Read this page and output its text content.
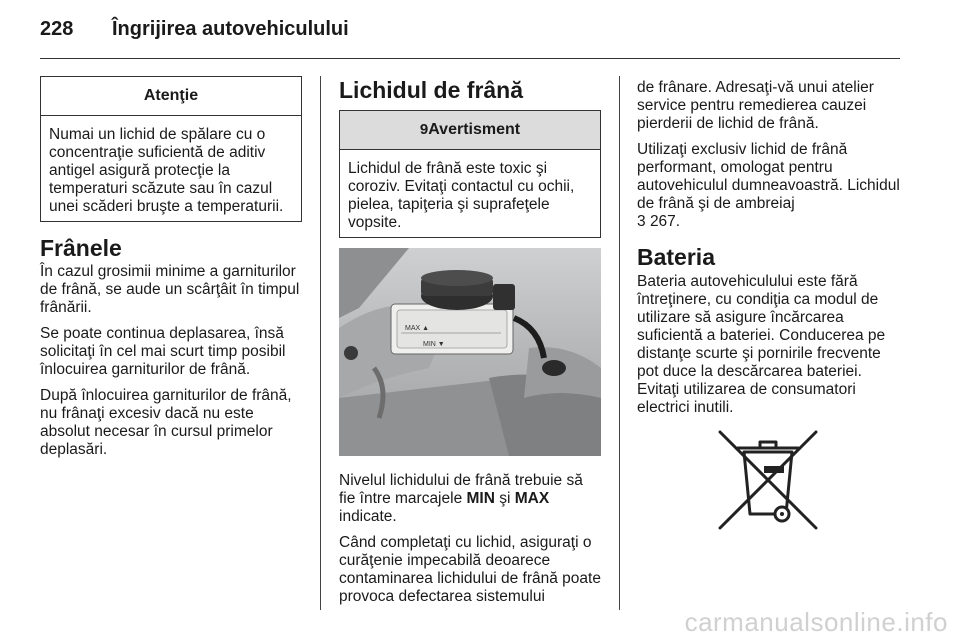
228	Îngrijirea autovehiculului
Atenţie
Numai un lichid de spălare cu o concentraţie suficientă de aditiv antigel asigură protecţie la temperaturi scăzute sau în cazul unei scăderi bruşte a temperaturii.
Frânele

În cazul grosimii minime a garniturilor de frână, se aude un scârţâit în timpul frânării.

Se poate continua deplasarea, însă solicitaţi în cel mai scurt timp posibil înlocuirea garniturilor de frână.

După înlocuirea garniturilor de frână, nu frânaţi excesiv dacă nu este absolut necesar în cursul primelor deplasări.

Lichidul de frână
9Avertisment
Lichidul de frână este toxic şi coroziv. Evitaţi contactul cu ochii, pielea, tapiţeria şi suprafeţele vopsite.
MAX ▲
MIN ▼

Nivelul lichidului de frână trebuie să fie între marcajele MIN şi MAX indicate.

Când completaţi cu lichid, asiguraţi o curăţenie impecabilă deoarece contaminarea lichidului de frână poate provoca defectarea sistemului

de frânare. Adresaţi-vă unui atelier service pentru remedierea cauzei pierderii de lichid de frână.

Utilizaţi exclusiv lichid de frână performant, omologat pentru autovehiculul dumneavoastră. Lichidul de frână şi de ambreiaj
3 267.

Bateria

Bateria autovehiculului este fără întreţinere, cu condiţia ca modul de utilizare să asigure încărcarea suficientă a bateriei. Conducerea pe distanţe scurte şi pornirile frecvente pot duce la descărcarea bateriei. Evitaţi utilizarea de consumatori electrici inutili.

carmanualsonline.info
